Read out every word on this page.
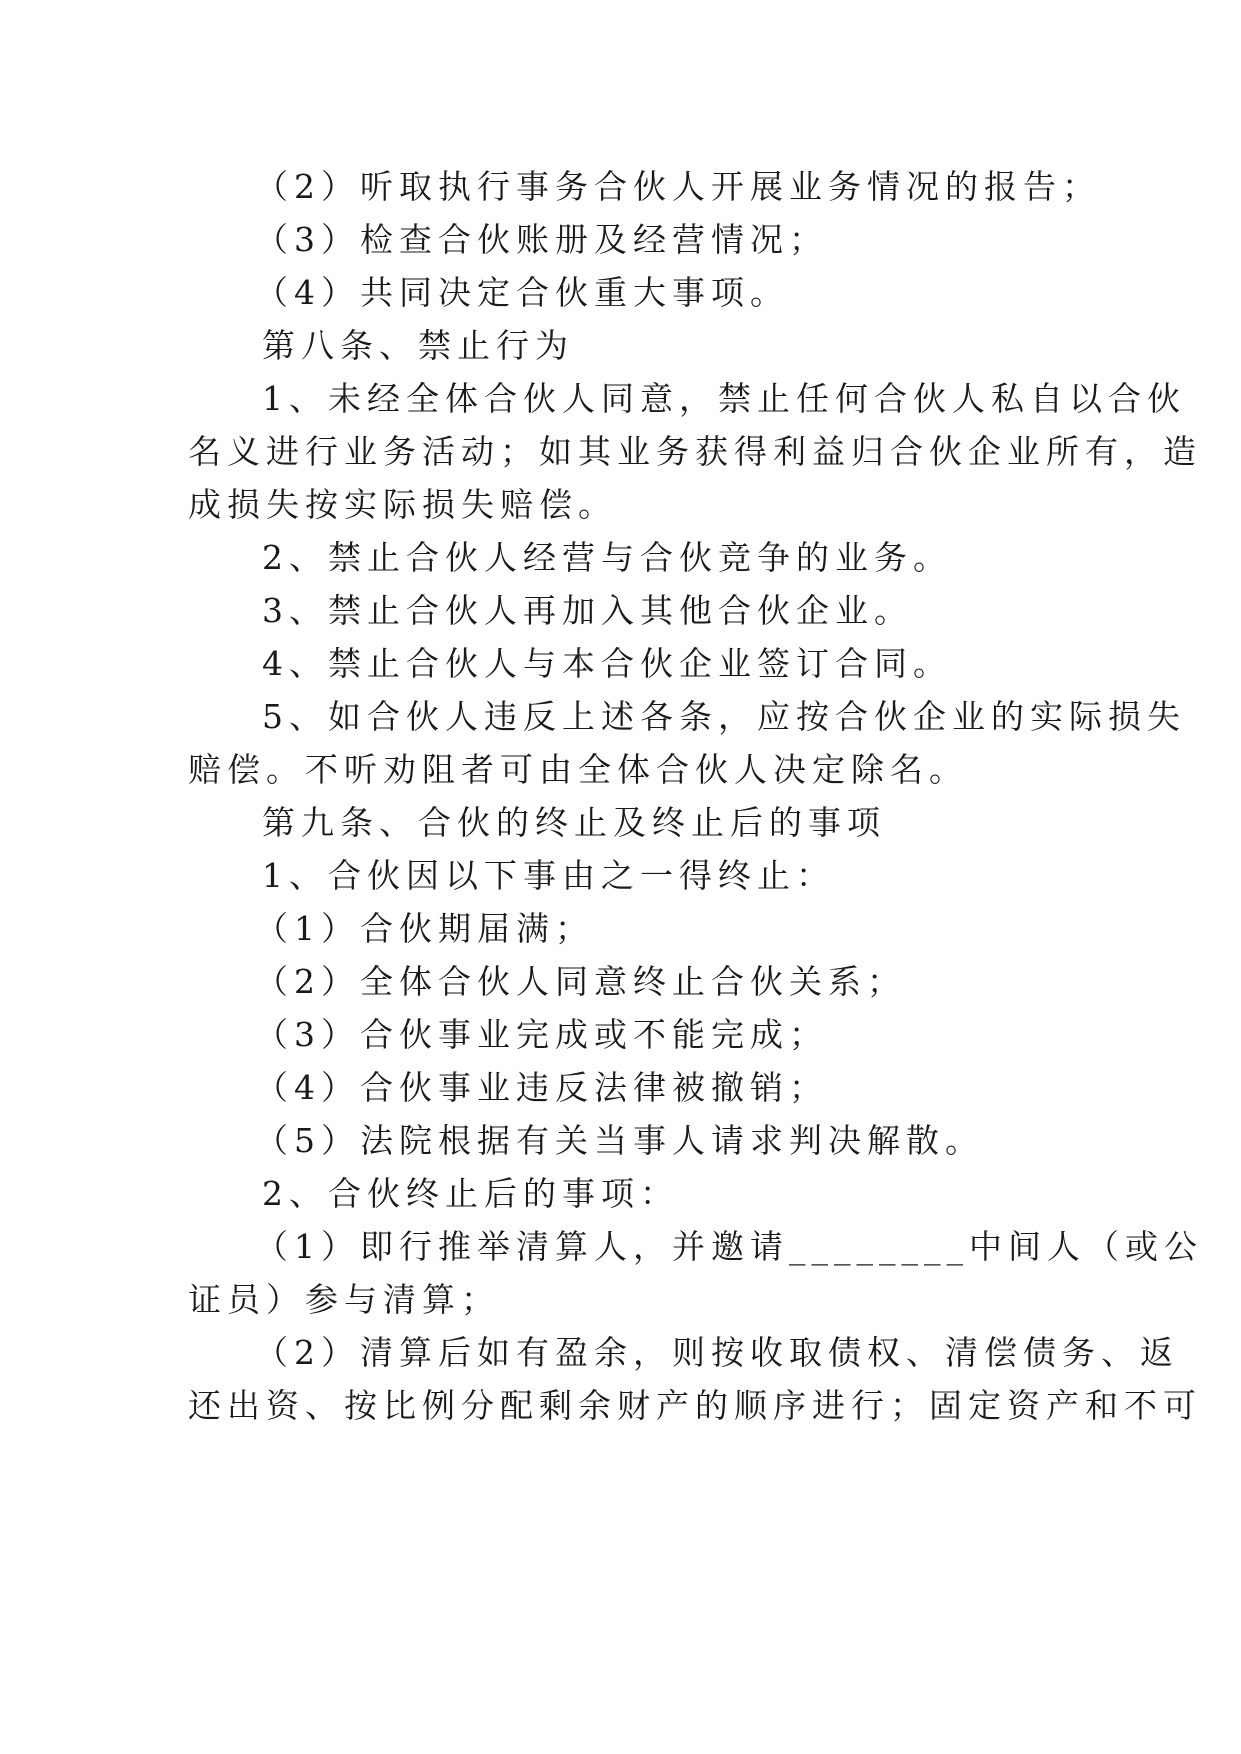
（2）听取执行事务合伙人开展业务情况的报告；
（3）检查合伙账册及经营情况；
（4）共同决定合伙重大事项。
第八条、禁止行为
1、未经全体合伙人同意，禁止任何合伙人私自以合伙
名义进行业务活动；如其业务获得利益归合伙企业所有，造
成损失按实际损失赔偿。
2、禁止合伙人经营与合伙竞争的业务。
3、禁止合伙人再加入其他合伙企业。
4、禁止合伙人与本合伙企业签订合同。
5、如合伙人违反上述各条，应按合伙企业的实际损失
赔偿。不听劝阻者可由全体合伙人决定除名。
第九条、合伙的终止及终止后的事项
1、合伙因以下事由之一得终止：
（1）合伙期届满；
（2）全体合伙人同意终止合伙关系；
（3）合伙事业完成或不能完成；
（4）合伙事业违反法律被撤销；
（5）法院根据有关当事人请求判决解散。
2、合伙终止后的事项：
（1）即行推举清算人，并邀请________中间人（或公
证员）参与清算；
（2）清算后如有盈余，则按收取债权、清偿债务、返
还出资、按比例分配剩余财产的顺序进行；固定资产和不可
